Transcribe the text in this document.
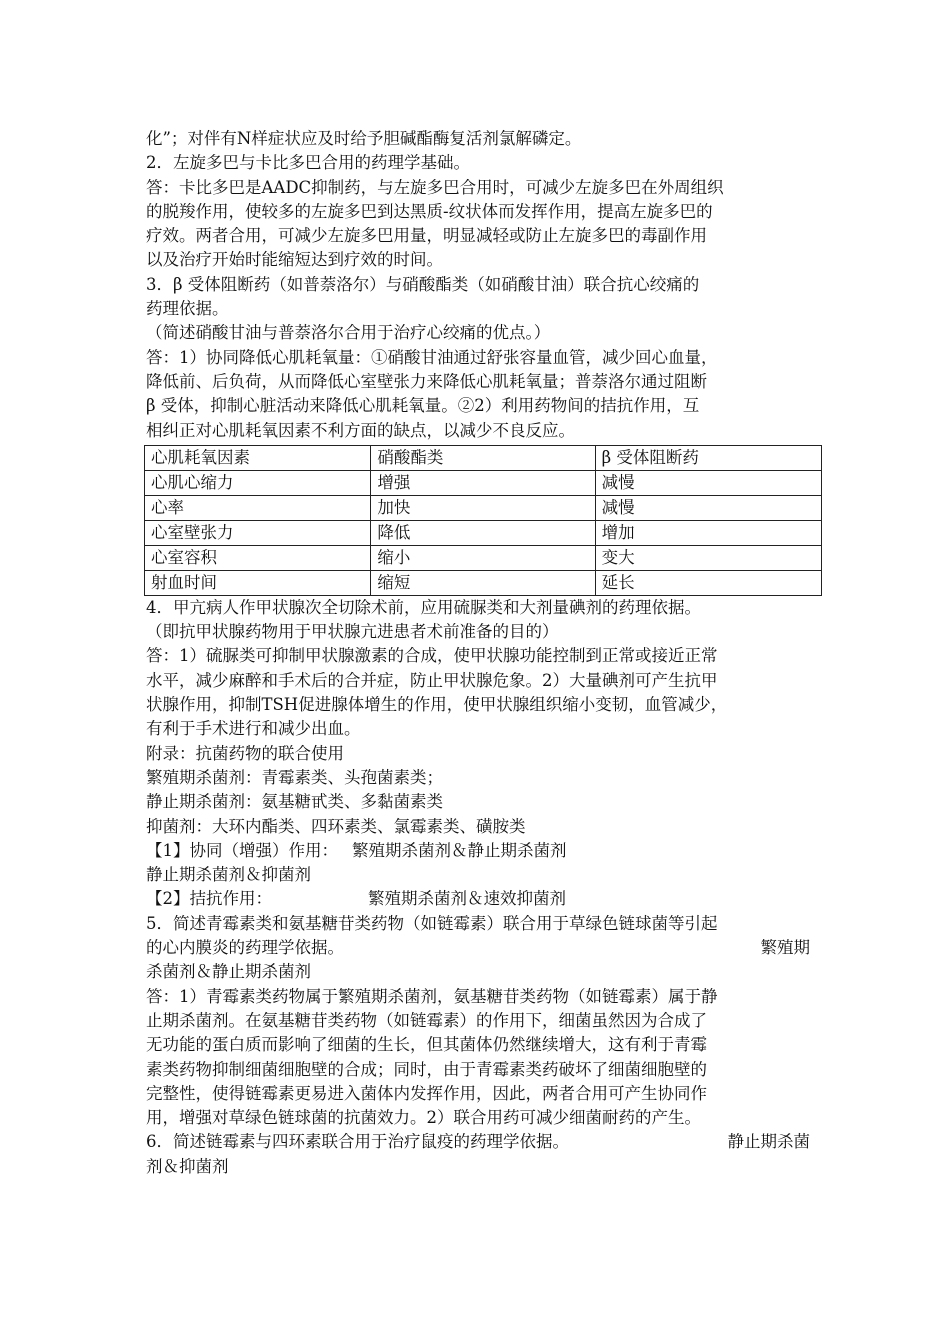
化”；对伴有N样症状应及时给予胆碱酯酶复活剂氯解磷定。
2．左旋多巴与卡比多巴合用的药理学基础。
答：卡比多巴是AADC抑制药，与左旋多巴合用时，可减少左旋多巴在外周组织
的脱羧作用，使较多的左旋多巴到达黑质-纹状体而发挥作用，提高左旋多巴的
疗效。两者合用，可减少左旋多巴用量，明显减轻或防止左旋多巴的毒副作用
以及治疗开始时能缩短达到疗效的时间。
3．β 受体阻断药（如普萘洛尔）与硝酸酯类（如硝酸甘油）联合抗心绞痛的
药理依据。
（简述硝酸甘油与普萘洛尔合用于治疗心绞痛的优点。）
答：1）协同降低心肌耗氧量：①硝酸甘油通过舒张容量血管，减少回心血量，
降低前、后负荷，从而降低心室壁张力来降低心肌耗氧量；普萘洛尔通过阻断
β 受体，抑制心脏活动来降低心肌耗氧量。②2）利用药物间的拮抗作用，互
相纠正对心肌耗氧因素不利方面的缺点，以减少不良反应。
心肌耗氧因素	硝酸酯类	β 受体阻断药
心肌心缩力	增强	减慢
心率	加快	减慢
心室壁张力	降低	增加
心室容积	缩小	变大
射血时间	缩短	延长
4．甲亢病人作甲状腺次全切除术前，应用硫脲类和大剂量碘剂的药理依据。
（即抗甲状腺药物用于甲状腺亢进患者术前准备的目的）
答：1）硫脲类可抑制甲状腺激素的合成，使甲状腺功能控制到正常或接近正常
水平，减少麻醉和手术后的合并症，防止甲状腺危象。2）大量碘剂可产生抗甲
状腺作用，抑制TSH促进腺体增生的作用，使甲状腺组织缩小变韧，血管减少，
有利于手术进行和减少出血。
附录：抗菌药物的联合使用
繁殖期杀菌剂：青霉素类、头孢菌素类；
静止期杀菌剂：氨基糖甙类、多黏菌素类
抑菌剂：大环内酯类、四环素类、氯霉素类、磺胺类
【1】协同（增强）作用： 繁殖期杀菌剂＆静止期杀菌剂
静止期杀菌剂＆抑菌剂
【2】拮抗作用：	繁殖期杀菌剂＆速效抑菌剂
5．简述青霉素类和氨基糖苷类药物（如链霉素）联合用于草绿色链球菌等引起
的心内膜炎的药理学依据。	繁殖期
杀菌剂＆静止期杀菌剂
答：1）青霉素类药物属于繁殖期杀菌剂，氨基糖苷类药物（如链霉素）属于静
止期杀菌剂。在氨基糖苷类药物（如链霉素）的作用下，细菌虽然因为合成了
无功能的蛋白质而影响了细菌的生长，但其菌体仍然继续增大，这有利于青霉
素类药物抑制细菌细胞壁的合成；同时，由于青霉素类药破坏了细菌细胞壁的
完整性，使得链霉素更易进入菌体内发挥作用，因此，两者合用可产生协同作
用，增强对草绿色链球菌的抗菌效力。2）联合用药可减少细菌耐药的产生。
6．简述链霉素与四环素联合用于治疗鼠疫的药理学依据。	静止期杀菌
剂＆抑菌剂
